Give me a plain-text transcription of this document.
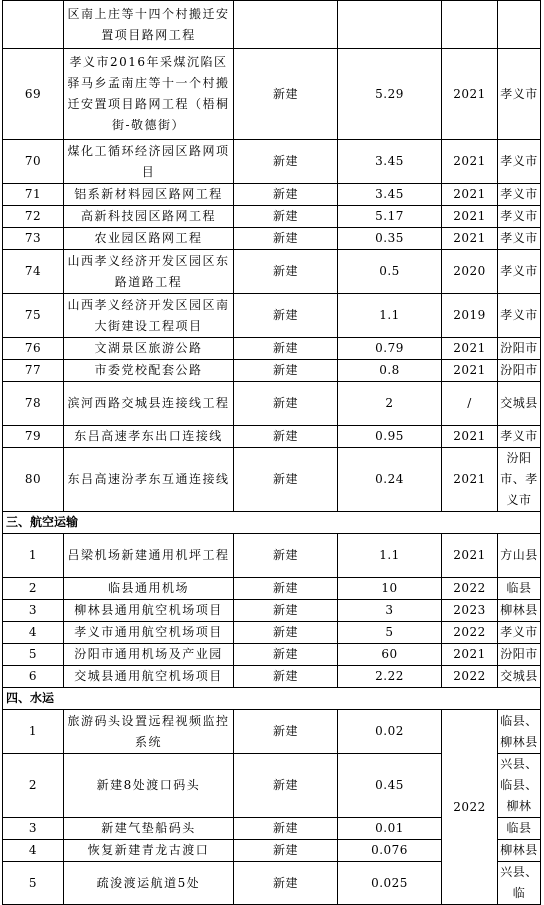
	区南上庄等十四个村搬迁安置项目路网工程				
69	孝义市2016年采煤沉陷区驿马乡孟南庄等十一个村搬迁安置项目路网工程（梧桐街-敬德街）	新建	5.29	2021	孝义市
70	煤化工循环经济园区路网项目	新建	3.45	2021	孝义市
71	铝系新材料园区路网工程	新建	3.45	2021	孝义市
72	高新科技园区路网工程	新建	5.17	2021	孝义市
73	农业园区路网工程	新建	0.35	2021	孝义市
74	山西孝义经济开发区园区东路道路工程	新建	0.5	2020	孝义市
75	山西孝义经济开发区园区南大街建设工程项目	新建	1.1	2019	孝义市
76	文湖景区旅游公路	新建	0.79	2021	汾阳市
77	市委党校配套公路	新建	0.8	2021	汾阳市
78	滨河西路交城县连接线工程	新建	2	/	交城县
79	东吕高速孝东出口连接线	新建	0.95	2021	孝义市
80	东吕高速汾孝东互通连接线	新建	0.24	2021	汾阳市、孝义市
三、航空运输					
1	吕梁机场新建通用机坪工程	新建	1.1	2021	方山县
2	临县通用机场	新建	10	2022	临县
3	柳林县通用航空机场项目	新建	3	2023	柳林县
4	孝义市通用航空机场项目	新建	5	2022	孝义市
5	汾阳市通用机场及产业园	新建	60	2021	汾阳市
6	交城县通用航空机场项目	新建	2.22	2022	交城县
四、水运					
1	旅游码头设置远程视频监控系统	新建	0.02	2022	临县、柳林县
2	新建8处渡口码头	新建	0.45		兴县、临县、柳林
3	新建气垫船码头	新建	0.01		临县
4	恢复新建青龙古渡口	新建	0.076		柳林县
5	疏浚渡运航道5处	新建	0.025		兴县、临
